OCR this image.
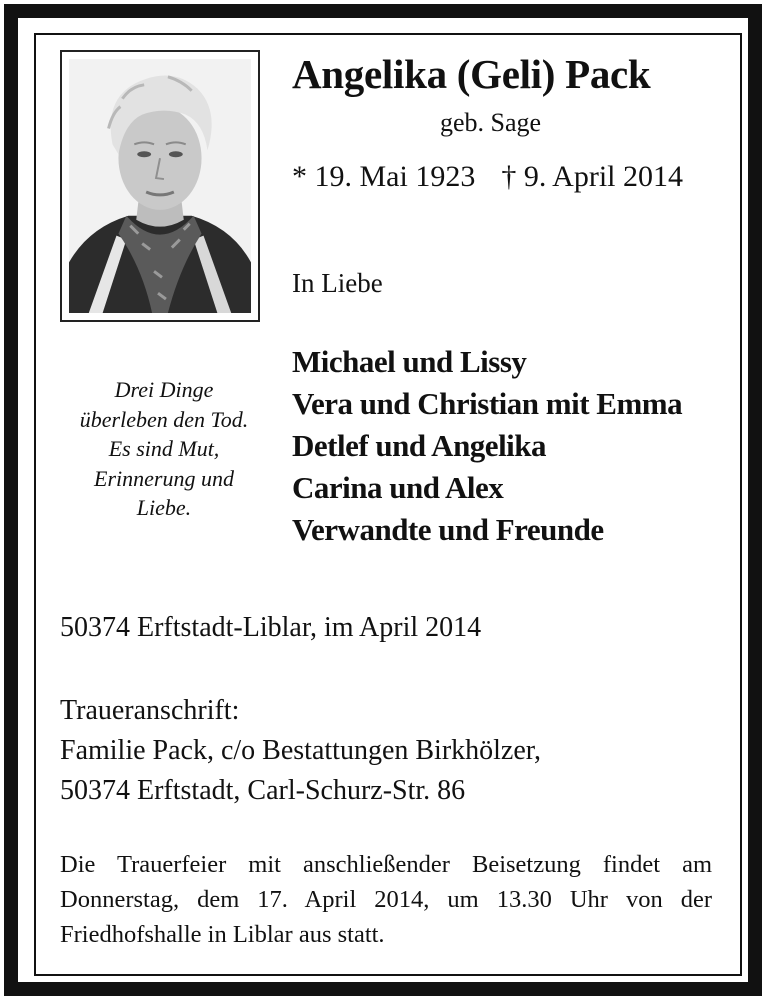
Angelika (Geli) Pack
geb. Sage
* 19. Mai 1923 † 9. April 2014
In Liebe
Drei Dinge
überleben den Tod.
Es sind Mut,
Erinnerung und
Liebe.
Michael und Lissy
Vera und Christian mit Emma
Detlef und Angelika
Carina und Alex
Verwandte und Freunde
50374 Erftstadt-Liblar, im April 2014
Traueranschrift:
Familie Pack, c/o Bestattungen Birkhölzer,
50374 Erftstadt, Carl-Schurz-Str. 86
Die Trauerfeier mit anschließender Beisetzung findet am Donnerstag, dem 17. April 2014, um 13.30 Uhr von der Friedhofshalle in Liblar aus statt.
